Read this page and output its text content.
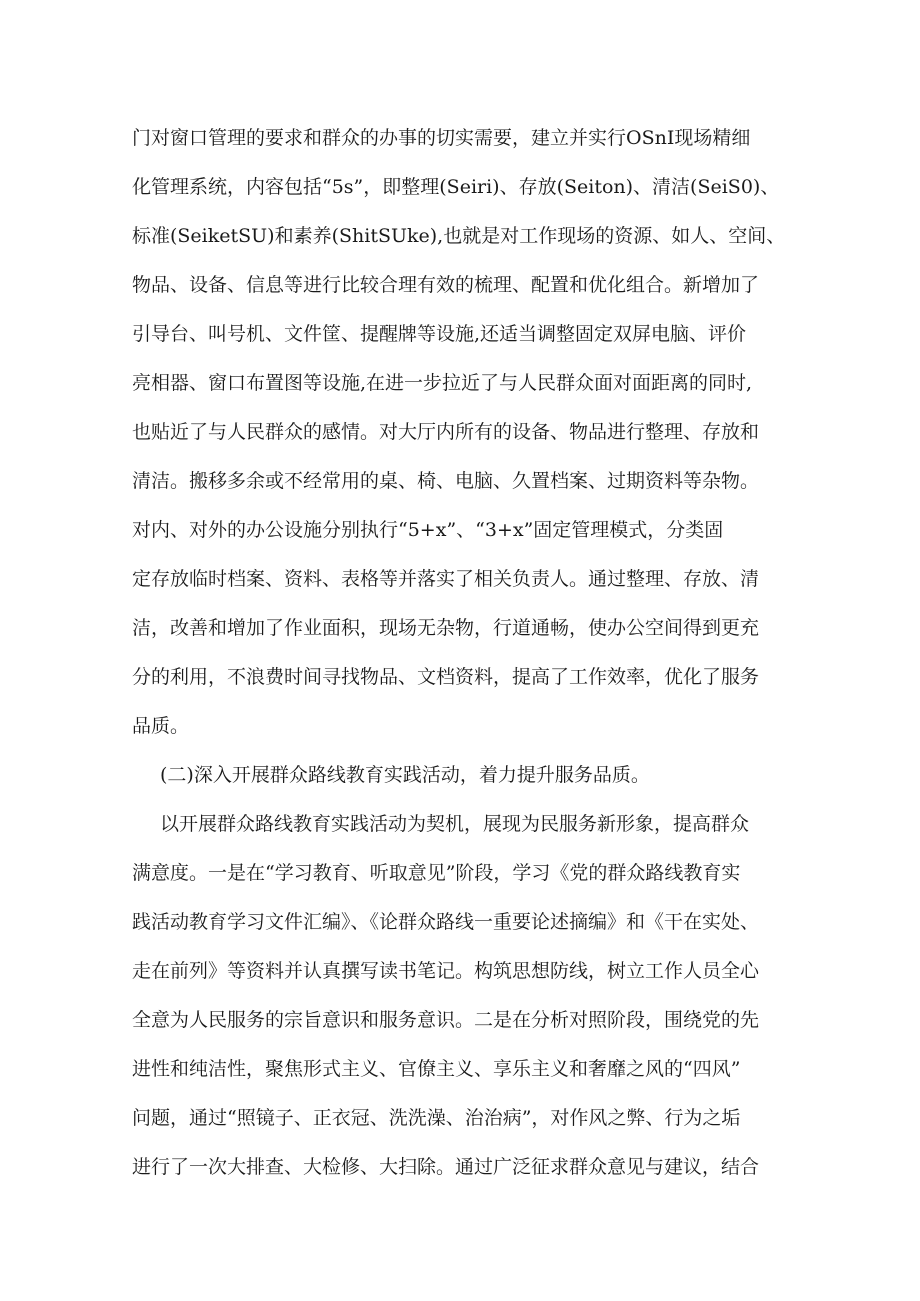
门对窗口管理的要求和群众的办事的切实需要，建立并实行OSnI现场精细
化管理系统，内容包括“5s”，即整理(Seiri)、存放(Seiton)、清洁(SeiS0)、
标准(SeiketSU)和素养(ShitSUke),也就是对工作现场的资源、如人、空间、
物品、设备、信息等进行比较合理有效的梳理、配置和优化组合。新增加了
引导台、叫号机、文件筐、提醒牌等设施,还适当调整固定双屏电脑、评价
亮相器、窗口布置图等设施,在进一步拉近了与人民群众面对面距离的同时,
也贴近了与人民群众的感情。对大厅内所有的设备、物品进行整理、存放和
清洁。搬移多余或不经常用的桌、椅、电脑、久置档案、过期资料等杂物。
对内、对外的办公设施分别执行“5+x”、“3+x”固定管理模式，分类固
定存放临时档案、资料、表格等并落实了相关负责人。通过整理、存放、清
洁，改善和增加了作业面积，现场无杂物，行道通畅，使办公空间得到更充
分的利用，不浪费时间寻找物品、文档资料，提高了工作效率，优化了服务
品质。
(二)深入开展群众路线教育实践活动，着力提升服务品质。
以开展群众路线教育实践活动为契机，展现为民服务新形象，提高群众
满意度。一是在“学习教育、听取意见”阶段，学习《党的群众路线教育实
践活动教育学习文件汇编》、《论群众路线一重要论述摘编》和《干在实处、
走在前列》等资料并认真撰写读书笔记。构筑思想防线，树立工作人员全心
全意为人民服务的宗旨意识和服务意识。二是在分析对照阶段，围绕党的先
进性和纯洁性，聚焦形式主义、官僚主义、享乐主义和奢靡之风的“四风”
问题，通过“照镜子、正衣冠、洗洗澡、治治病”，对作风之弊、行为之垢
进行了一次大排查、大检修、大扫除。通过广泛征求群众意见与建议，结合
